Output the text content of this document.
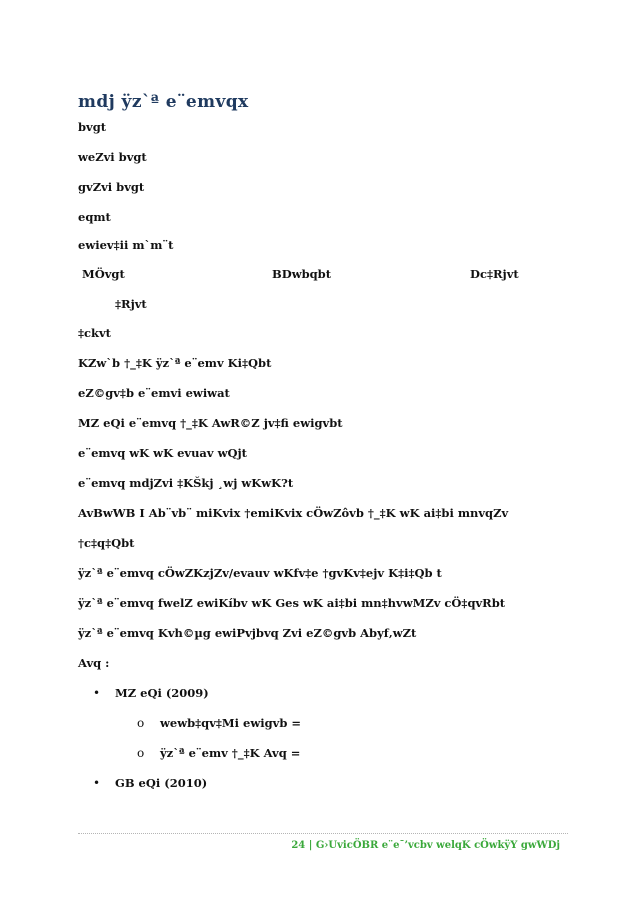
mdj ÿz`ª e¨emvqx
bvgt
weZvi bvgt
gvZvi bvgt
eqmt
ewiev‡ii m`m¨t
MÖvgt	BDwbqbt	Dc‡Rjvt
‡Rjvt
‡ckvt
KZw`b †_‡K ÿz`ª e¨emv Ki‡Qbt
eZ©gv‡b e¨emvi ewiwat
MZ eQi e¨emvq †_‡K AwR©Z jv‡fi ewigvbt
e¨emvq wK wK evuav wQjt
e¨emvq mdjZvi ‡KŠkj ¸wj wKwK?t
AvBwWB I Ab¨vb¨ miKvix †emiKvix cÖwZôvb †_‡K wK ai‡bi mnvqZv
†c‡q‡Qbt
ÿz`ª e¨emvq cÖwZKzjZv/evauv wKfv‡e †gvKv‡ejv K‡i‡Qb t
ÿz`ª e¨emvq fwelZ ewiKíbv wK Ges wK ai‡bi mn‡hvwMZv cÖ‡qvRbt
ÿz`ª e¨emvq Kvh©µg ewiPvjbvq Zvi eZ©gvb Abyf‚wZt
Avq :
• MZ eQi (2009)
o wewb‡qv‡Mi ewigvb =
o ÿz`ª e¨emv †_‡K Avq =
• GB eQi (2010)
24 | G›UvicÖBR e¨e¯’vcbv welqK cÖwkÿY gwWDj
